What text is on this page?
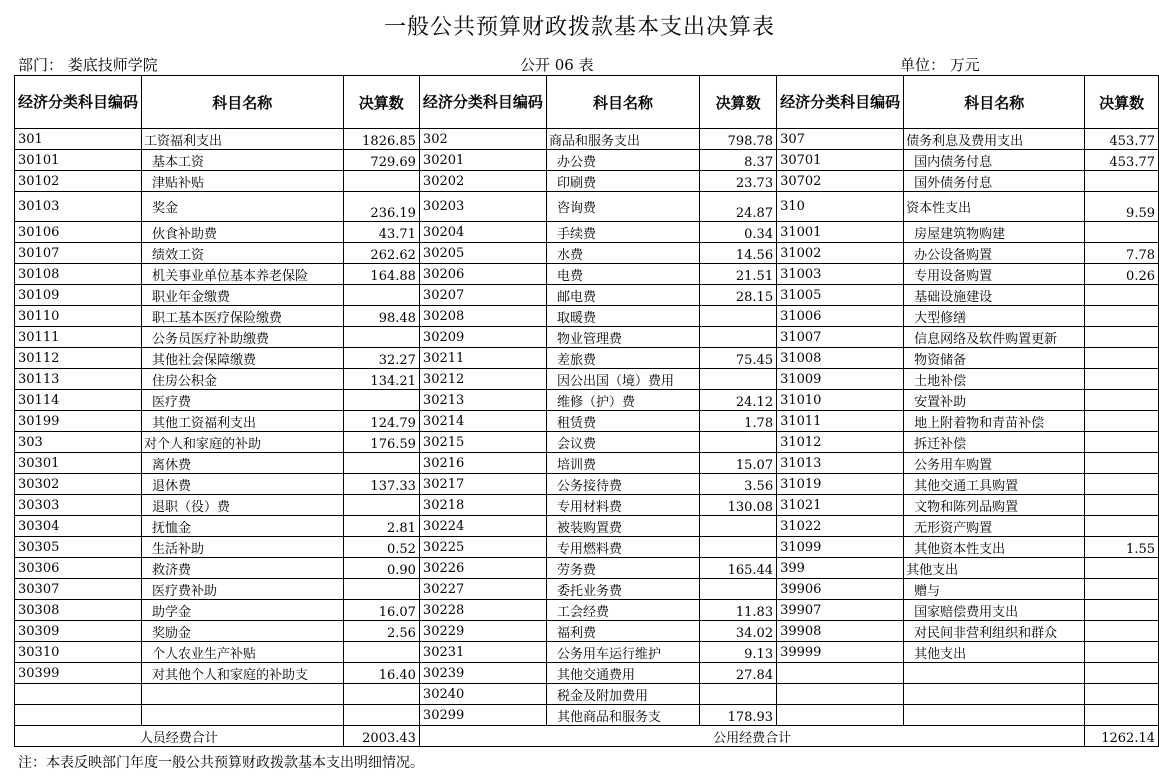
一般公共预算财政拨款基本支出决算表
部门： 娄底技师学院	公开 06 表	单位： 万元
经济分类科目编码	科目名称	决算数	经济分类科目编码	科目名称	决算数	经济分类科目编码	科目名称	决算数
301	工资福利支出	1826.85	302	商品和服务支出	798.78	307	债务利息及费用支出	453.77
30101	基本工资	729.69	30201	办公费	8.37	30701	国内债务付息	453.77
30102	津贴补贴		30202	印刷费	23.73	30702	国外债务付息	
30103	奖金	236.19	30203	咨询费	24.87	310	资本性支出	9.59
30106	伙食补助费	43.71	30204	手续费	0.34	31001	房屋建筑物购建	
30107	绩效工资	262.62	30205	水费	14.56	31002	办公设备购置	7.78
30108	机关事业单位基本养老保险	164.88	30206	电费	21.51	31003	专用设备购置	0.26
30109	职业年金缴费		30207	邮电费	28.15	31005	基础设施建设	
30110	职工基本医疗保险缴费	98.48	30208	取暖费		31006	大型修缮	
30111	公务员医疗补助缴费		30209	物业管理费		31007	信息网络及软件购置更新	
30112	其他社会保障缴费	32.27	30211	差旅费	75.45	31008	物资储备	
30113	住房公积金	134.21	30212	因公出国（境）费用		31009	土地补偿	
30114	医疗费		30213	维修（护）费	24.12	31010	安置补助	
30199	其他工资福利支出	124.79	30214	租赁费	1.78	31011	地上附着物和青苗补偿	
303	对个人和家庭的补助	176.59	30215	会议费		31012	拆迁补偿	
30301	离休费		30216	培训费	15.07	31013	公务用车购置	
30302	退休费	137.33	30217	公务接待费	3.56	31019	其他交通工具购置	
30303	退职（役）费		30218	专用材料费	130.08	31021	文物和陈列品购置	
30304	抚恤金	2.81	30224	被装购置费		31022	无形资产购置	
30305	生活补助	0.52	30225	专用燃料费		31099	其他资本性支出	1.55
30306	救济费	0.90	30226	劳务费	165.44	399	其他支出	
30307	医疗费补助		30227	委托业务费		39906	赠与	
30308	助学金	16.07	30228	工会经费	11.83	39907	国家赔偿费用支出	
30309	奖励金	2.56	30229	福利费	34.02	39908	对民间非营利组织和群众	
30310	个人农业生产补贴		30231	公务用车运行维护	9.13	39999	其他支出	
30399	对其他个人和家庭的补助支	16.40	30239	其他交通费用	27.84			
			30240	税金及附加费用				
			30299	其他商品和服务支	178.93			
人员经费合计		2003.43	公用经费合计					1262.14
注：本表反映部门年度一般公共预算财政拨款基本支出明细情况。
